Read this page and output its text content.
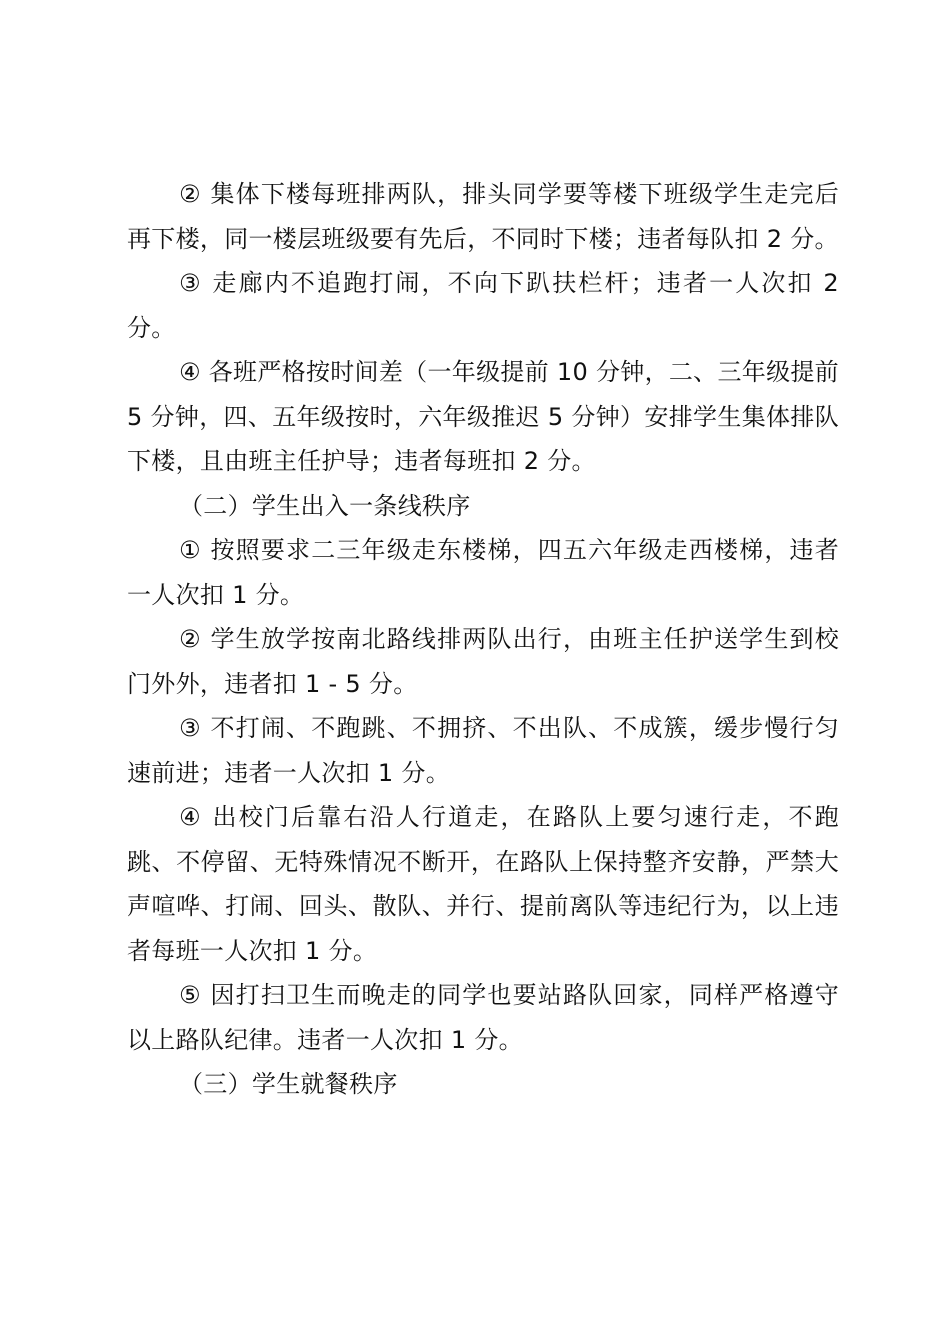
② 集体下楼每班排两队，排头同学要等楼下班级学生走完后再下楼，同一楼层班级要有先后，不同时下楼；违者每队扣 2 分。

③ 走廊内不追跑打闹，不向下趴扶栏杆；违者一人次扣 2 分。

④ 各班严格按时间差（一年级提前 10 分钟，二、三年级提前 5 分钟，四、五年级按时，六年级推迟 5 分钟）安排学生集体排队下楼，且由班主任护导；违者每班扣 2 分。

（二）学生出入一条线秩序

① 按照要求二三年级走东楼梯，四五六年级走西楼梯，违者一人次扣 1 分。

② 学生放学按南北路线排两队出行，由班主任护送学生到校门外外，违者扣 1 - 5 分。

③ 不打闹、不跑跳、不拥挤、不出队、不成簇，缓步慢行匀速前进；违者一人次扣 1 分。

④ 出校门后靠右沿人行道走，在路队上要匀速行走，不跑跳、不停留、无特殊情况不断开，在路队上保持整齐安静，严禁大声喧哗、打闹、回头、散队、并行、提前离队等违纪行为，以上违者每班一人次扣 1 分。

⑤ 因打扫卫生而晚走的同学也要站路队回家，同样严格遵守以上路队纪律。违者一人次扣 1 分。

（三）学生就餐秩序
